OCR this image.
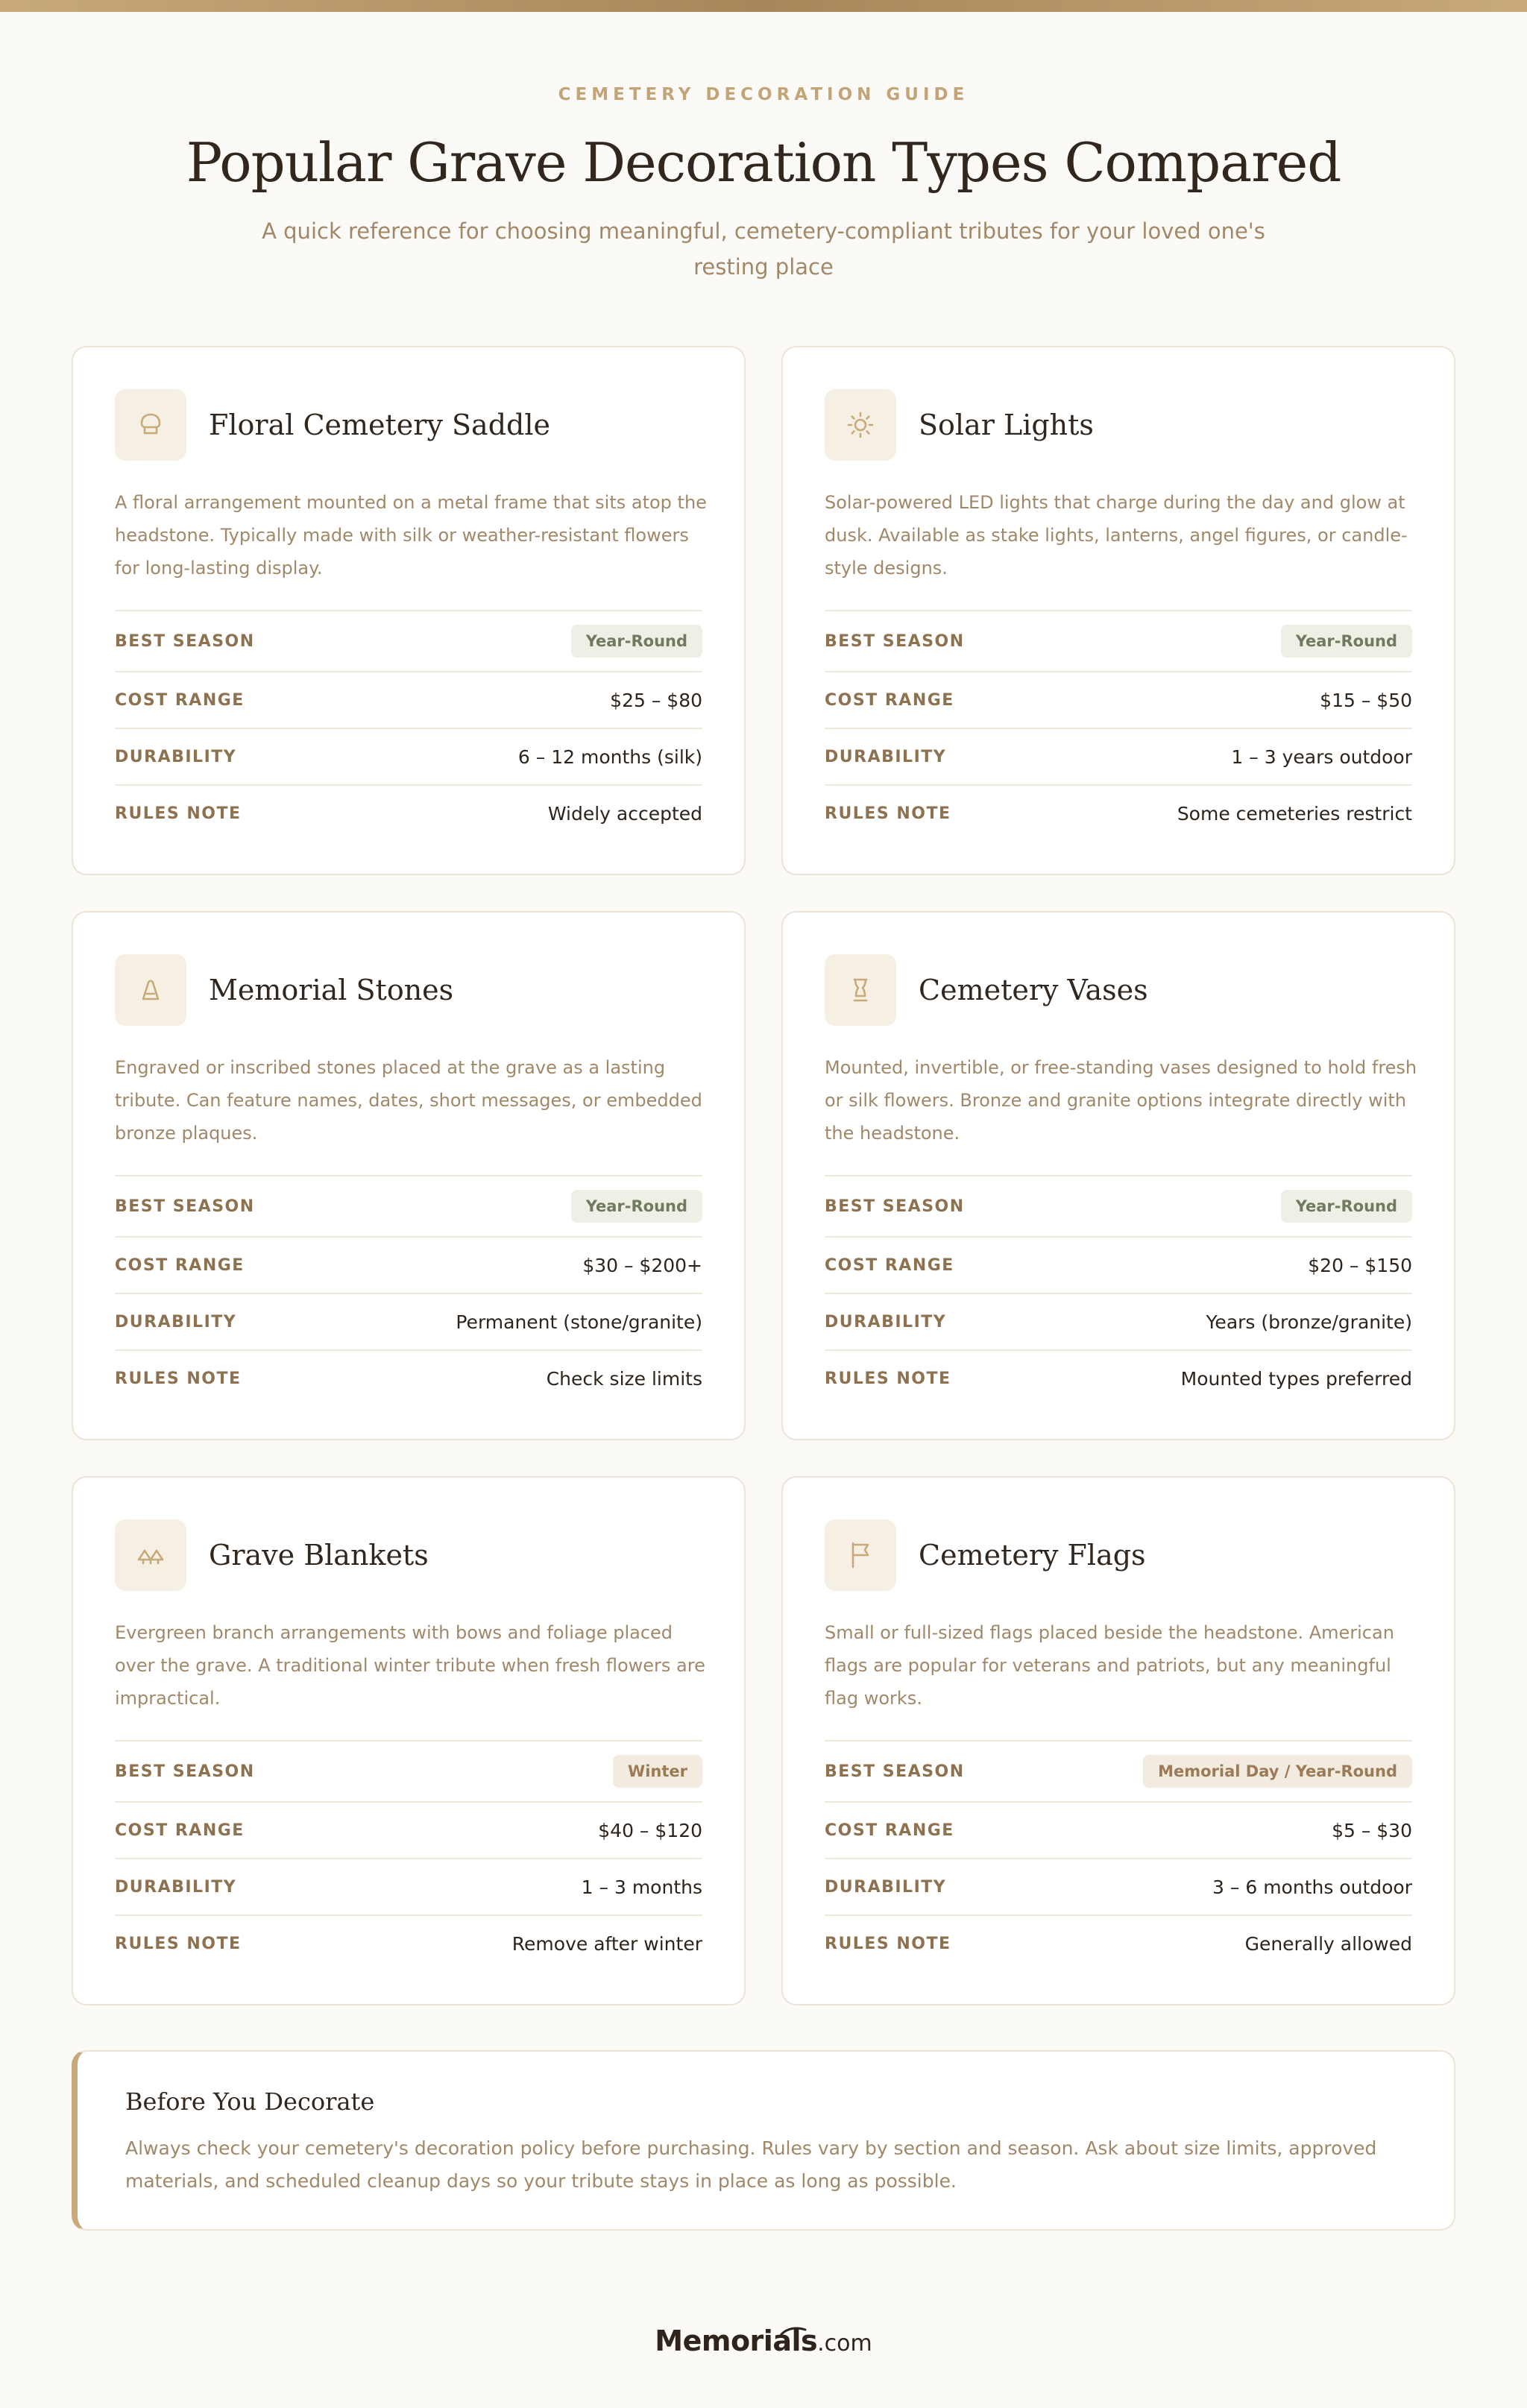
CEMETERY DECORATION GUIDE
Popular Grave Decoration Types Compared
A quick reference for choosing meaningful, cemetery-compliant tributes for your loved one's resting place
Floral Cemetery Saddle
A floral arrangement mounted on a metal frame that sits atop the headstone. Typically made with silk or weather-resistant flowers for long-lasting display.
BEST SEASON	Year-Round
COST RANGE	$25 – $80
DURABILITY	6 – 12 months (silk)
RULES NOTE	Widely accepted
Solar Lights
Solar-powered LED lights that charge during the day and glow at dusk. Available as stake lights, lanterns, angel figures, or candle-style designs.
BEST SEASON	Year-Round
COST RANGE	$15 – $50
DURABILITY	1 – 3 years outdoor
RULES NOTE	Some cemeteries restrict
Memorial Stones
Engraved or inscribed stones placed at the grave as a lasting tribute. Can feature names, dates, short messages, or embedded bronze plaques.
BEST SEASON	Year-Round
COST RANGE	$30 – $200+
DURABILITY	Permanent (stone/granite)
RULES NOTE	Check size limits
Cemetery Vases
Mounted, invertible, or free-standing vases designed to hold fresh or silk flowers. Bronze and granite options integrate directly with the headstone.
BEST SEASON	Year-Round
COST RANGE	$20 – $150
DURABILITY	Years (bronze/granite)
RULES NOTE	Mounted types preferred
Grave Blankets
Evergreen branch arrangements with bows and foliage placed over the grave. A traditional winter tribute when fresh flowers are impractical.
BEST SEASON	Winter
COST RANGE	$40 – $120
DURABILITY	1 – 3 months
RULES NOTE	Remove after winter
Cemetery Flags
Small or full-sized flags placed beside the headstone. American flags are popular for veterans and patriots, but any meaningful flag works.
BEST SEASON	Memorial Day / Year-Round
COST RANGE	$5 – $30
DURABILITY	3 – 6 months outdoor
RULES NOTE	Generally allowed
Before You Decorate
Always check your cemetery's decoration policy before purchasing. Rules vary by section and season. Ask about size limits, approved materials, and scheduled cleanup days so your tribute stays in place as long as possible.
Memorials
.com
